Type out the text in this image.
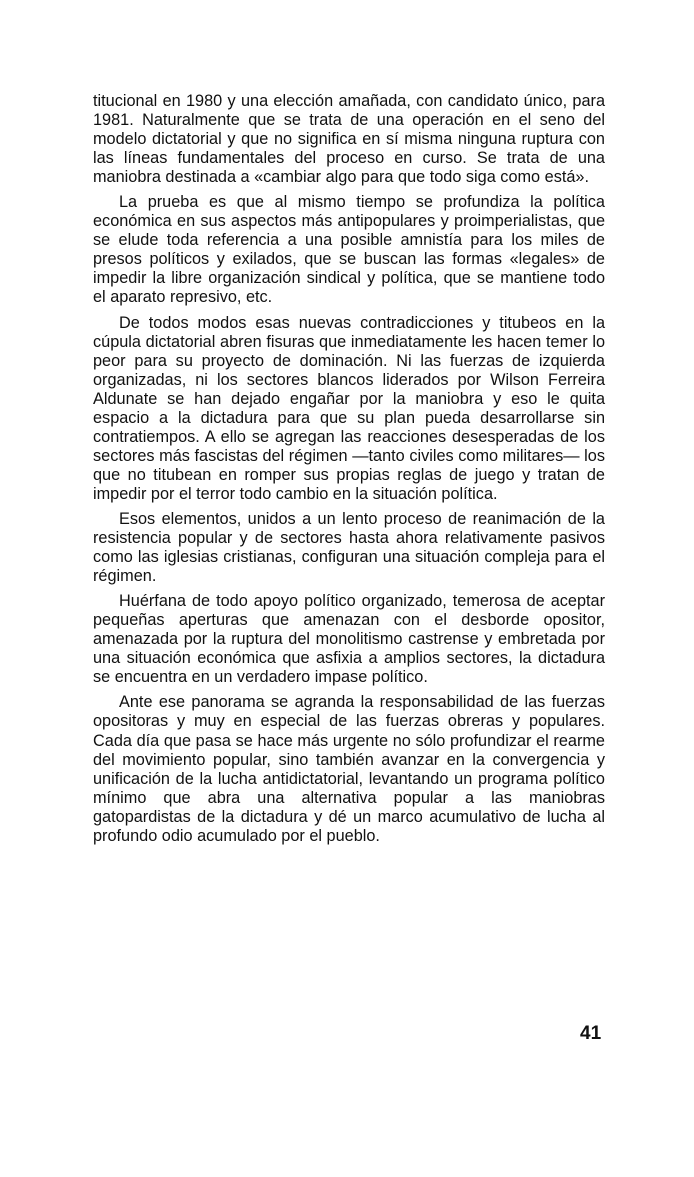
titucional en 1980 y una elección amañada, con candidato único, para 1981. Naturalmente que se trata de una operación en el seno del modelo dictatorial y que no significa en sí misma ninguna ruptura con las líneas fundamentales del proceso en curso. Se trata de una maniobra destinada a «cambiar algo para que todo siga como está».

La prueba es que al mismo tiempo se profundiza la política económica en sus aspectos más antipopulares y proimperialistas, que se elude toda referencia a una posible amnistía para los miles de presos políticos y exilados, que se buscan las formas «legales» de impedir la libre organización sindical y política, que se mantiene todo el aparato represivo, etc.

De todos modos esas nuevas contradicciones y titubeos en la cúpula dictatorial abren fisuras que inmediatamente les hacen temer lo peor para su proyecto de dominación. Ni las fuerzas de izquierda organizadas, ni los sectores blancos liderados por Wilson Ferreira Aldunate se han dejado engañar por la maniobra y eso le quita espacio a la dictadura para que su plan pueda desarrollarse sin contratiempos. A ello se agregan las reacciones desesperadas de los sectores más fascistas del régimen —tanto civiles como militares— los que no titubean en romper sus propias reglas de juego y tratan de impedir por el terror todo cambio en la situación política.

Esos elementos, unidos a un lento proceso de reanimación de la resistencia popular y de sectores hasta ahora relativamente pasivos como las iglesias cristianas, configuran una situación compleja para el régimen.

Huérfana de todo apoyo político organizado, temerosa de aceptar pequeñas aperturas que amenazan con el desborde opositor, amenazada por la ruptura del monolitismo castrense y embretada por una situación económica que asfixia a amplios sectores, la dictadura se encuentra en un verdadero impase político.

Ante ese panorama se agranda la responsabilidad de las fuerzas opositoras y muy en especial de las fuerzas obreras y populares. Cada día que pasa se hace más urgente no sólo profundizar el rearme del movimiento popular, sino también avanzar en la convergencia y unificación de la lucha antidictatorial, levantando un programa político mínimo que abra una alternativa popular a las maniobras gatopardistas de la dictadura y dé un marco acumulativo de lucha al profundo odio acumulado por el pueblo.

41
